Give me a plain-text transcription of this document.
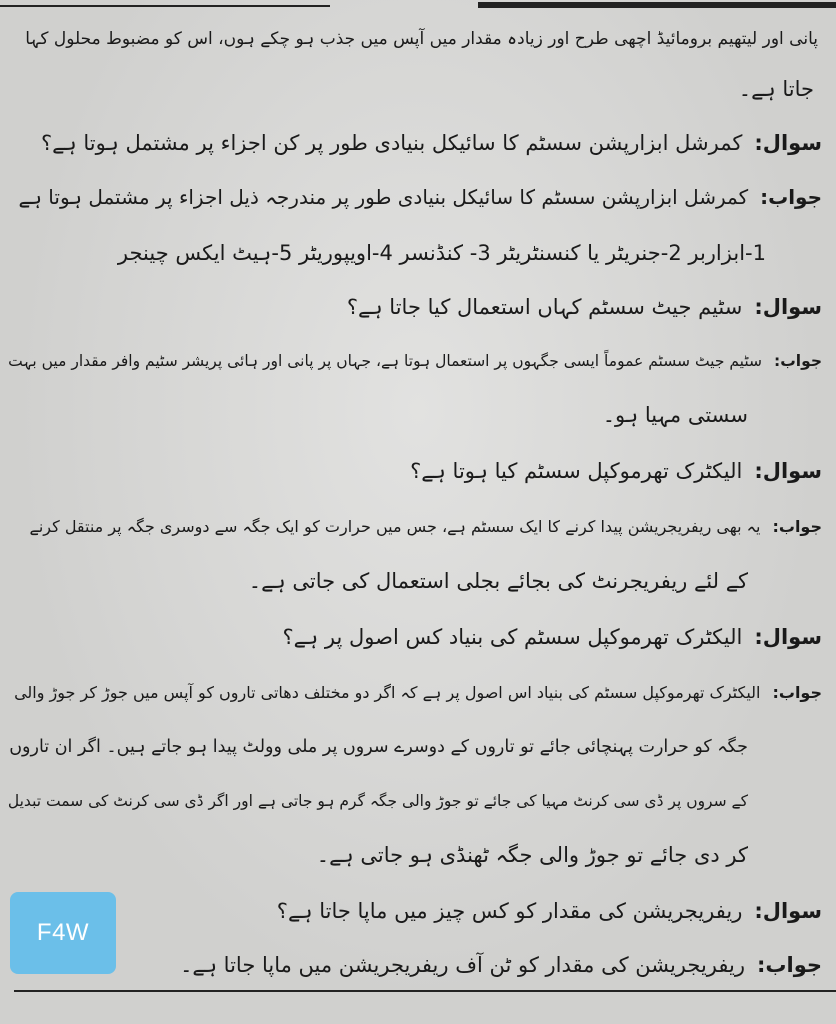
پانی اور لیتھیم برومائیڈ اچھی طرح اور زیادہ مقدار میں آپس میں جذب ہو چکے ہوں، اس کو مضبوط محلول کہا
جاتا ہے۔
سوال:کمرشل ابزارپشن سسٹم کا سائیکل بنیادی طور پر کن اجزاء پر مشتمل ہوتا ہے؟
جواب:کمرشل ابزارپشن سسٹم کا سائیکل بنیادی طور پر مندرجہ ذیل اجزاء پر مشتمل ہوتا ہے
1-ابزاربر 2-جنریٹر یا کنسنٹریٹر 3- کنڈنسر 4-اویپوریٹر 5-ہیٹ ایکس چینجر
سوال:سٹیم جیٹ سسٹم کہاں استعمال کیا جاتا ہے؟
جواب:سٹیم جیٹ سسٹم عموماً ایسی جگہوں پر استعمال ہوتا ہے، جہاں پر پانی اور ہائی پریشر سٹیم وافر مقدار میں بہت
سستی مہیا ہو۔
سوال:الیکٹرک تھرموکپل سسٹم کیا ہوتا ہے؟
جواب:یہ بھی ریفریجریشن پیدا کرنے کا ایک سسٹم ہے، جس میں حرارت کو ایک جگہ سے دوسری جگہ پر منتقل کرنے
کے لئے ریفریجرنٹ کی بجائے بجلی استعمال کی جاتی ہے۔
سوال:الیکٹرک تھرموکپل سسٹم کی بنیاد کس اصول پر ہے؟
جواب:الیکٹرک تھرموکپل سسٹم کی بنیاد اس اصول پر ہے کہ اگر دو مختلف دھاتی تاروں کو آپس میں جوڑ کر جوڑ والی
جگہ کو حرارت پہنچائی جائے تو تاروں کے دوسرے سروں پر ملی وولٹ پیدا ہو جاتے ہیں۔ اگر ان تاروں
کے سروں پر ڈی سی کرنٹ مہیا کی جائے تو جوڑ والی جگہ گرم ہو جاتی ہے اور اگر ڈی سی کرنٹ کی سمت تبدیل
کر دی جائے تو جوڑ والی جگہ ٹھنڈی ہو جاتی ہے۔
سوال:ریفریجریشن کی مقدار کو کس چیز میں ماپا جاتا ہے؟
جواب:ریفریجریشن کی مقدار کو ٹن آف ریفریجریشن میں ماپا جاتا ہے۔
F4W
